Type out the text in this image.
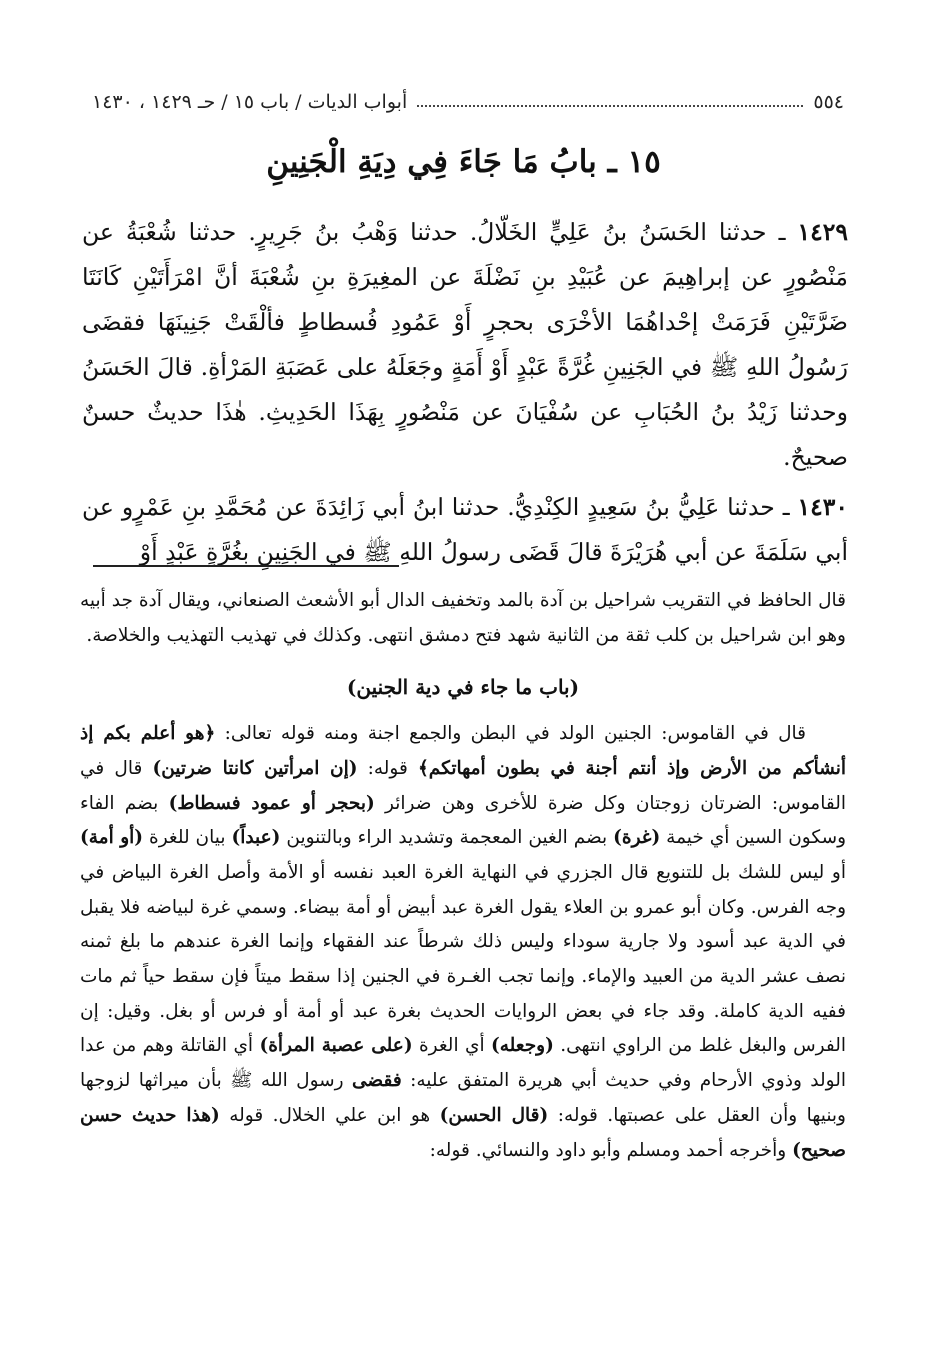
٥٥٤
أبواب الديات / باب ١٥ / حـ ١٤٢٩ ، ١٤٣٠
١٥ ـ بابُ مَا جَاءَ فِي دِيَةِ الْجَنِينِ

١٤٢٩ ـ حدثنا الحَسَنُ بنُ عَلِيٍّ الخَلّالُ. حدثنا وَهْبُ بنُ جَرِيرٍ. حدثنا شُعْبَةُ عن مَنْصُورٍ عن إبراهِيمَ عن عُبَيْدِ بنِ نَضْلَةَ عن المغِيرَةِ بنِ شُعْبَةَ أنَّ امْرَأَتَيْنِ كَانَتَا ضَرَّتَيْنِ فَرَمَتْ إحْداهُمَا الأخْرَى بحجرٍ أَوْ عَمُودِ فُسطاطٍ فألْقَتْ جَنِينَهَا فقضَى رَسُولُ اللهِ ﷺ في الجَنِينِ غُرَّةً عَبْدٍ أَوْ أَمَةٍ وجَعَلَهُ على عَصَبَةِ المَرْأةِ. قالَ الحَسَنُ وحدثنا زَيْدُ بنُ الحُبَابِ عن سُفْيَانَ عن مَنْصُورٍ بِهَذَا الحَدِيثِ. هٰذَا حديثٌ حسنٌ صحيحٌ.

١٤٣٠ ـ حدثنا عَلِيُّ بنُ سَعِيدٍ الكِنْدِيُّ. حدثنا ابنُ أبي زَائِدَةَ عن مُحَمَّدِ بنِ عَمْرٍو عن أبي سَلَمَةَ عن أبي هُرَيْرَةَ قالَ قَضَى رسولُ اللهِ ﷺ في الجَنِينِ بغُرَّةٍ عَبْدٍ أَوْ

قال الحافظ في التقريب شراحيل بن آدة بالمد وتخفيف الدال أبو الأشعث الصنعاني، ويقال آدة جد أبيه وهو ابن شراحيل بن كلب ثقة من الثانية شهد فتح دمشق انتهى. وكذلك في تهذيب التهذيب والخلاصة.

(باب ما جاء في دية الجنين)

قال في القاموس: الجنين الولد في البطن والجمع اجنة ومنه قوله تعالى: ﴿هو أعلم بكم إذ أنشأكم من الأرض وإذ أنتم أجنة في بطون أمهاتكم﴾ قوله: (إن امرأتين كانتا ضرتين) قال في القاموس: الضرتان زوجتان وكل ضرة للأخرى وهن ضرائر (بحجر أو عمود فسطاط) بضم الفاء وسكون السين أي خيمة (غرة) بضم الغين المعجمة وتشديد الراء وبالتنوين (عبداً) بيان للغرة (أو أمة) أو ليس للشك بل للتنويع قال الجزري في النهاية الغرة العبد نفسه أو الأمة وأصل الغرة البياض في وجه الفرس. وكان أبو عمرو بن العلاء يقول الغرة عبد أبيض أو أمة بيضاء. وسمي غرة لبياضه فلا يقبل في الدية عبد أسود ولا جارية سوداء وليس ذلك شرطاً عند الفقهاء وإنما الغرة عندهم ما بلغ ثمنه نصف عشر الدية من العبيد والإماء. وإنما تجب الغـرة في الجنين إذا سقط ميتاً فإن سقط حياً ثم مات ففيه الدية كاملة. وقد جاء في بعض الروايات الحديث بغرة عبد أو أمة أو فرس أو بغل. وقيل: إن الفرس والبغل غلط من الراوي انتهى. (وجعله) أي الغرة (على عصبة المرأة) أي القاتلة وهم من عدا الولد وذوي الأرحام وفي حديث أبي هريرة المتفق عليه: فقضى رسول الله ﷺ بأن ميراثها لزوجها وبنيها وأن العقل على عصبتها. قوله: (قال الحسن) هو ابن علي الخلال. قوله (هذا حديث حسن صحيح) وأخرجه أحمد ومسلم وأبو داود والنسائي. قوله:
